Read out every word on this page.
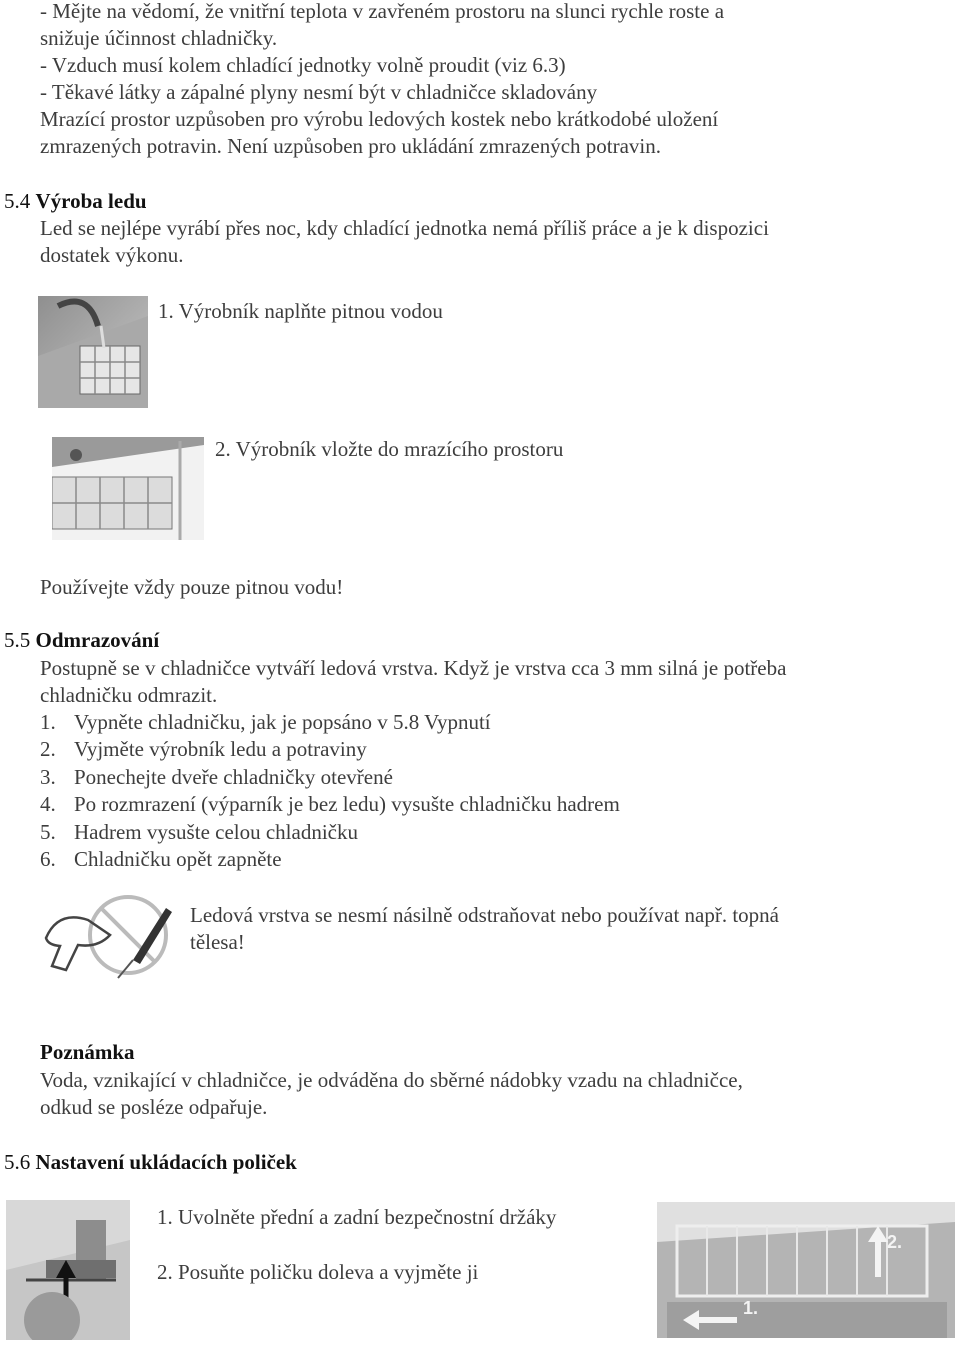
- Mějte na vědomí, že vnitřní teplota v zavřeném prostoru na slunci rychle roste a
snižuje účinnost chladničky.
- Vzduch musí kolem chladící jednotky volně proudit (viz 6.3)
- Těkavé látky a zápalné plyny nesmí být v chladničce skladovány
Mrazící prostor uzpůsoben pro výrobu ledových kostek nebo krátkodobé uložení
zmrazených potravin. Není uzpůsoben pro ukládání zmrazených potravin.
5.4 Výroba ledu
Led se nejlépe vyrábí přes noc, kdy chladící jednotka nemá příliš práce a je k dispozici
dostatek výkonu.
1. Výrobník naplňte pitnou vodou
2. Výrobník vložte do mrazícího prostoru
Používejte vždy pouze pitnou vodu!
5.5 Odmrazování
Postupně se v chladničce vytváří ledová vrstva. Když je vrstva cca 3 mm silná je potřeba
chladničku odmrazit.
1. Vypněte chladničku, jak je popsáno v 5.8 Vypnutí
2. Vyjměte výrobník ledu a potraviny
3. Ponechejte dveře chladničky otevřené
4. Po rozmrazení (výparník je bez ledu) vysušte chladničku hadrem
5. Hadrem vysušte celou chladničku
6. Chladničku opět zapněte
Ledová vrstva se nesmí násilně odstraňovat nebo používat např. topná
tělesa!
Poznámka
Voda, vznikající v chladničce, je odváděna do sběrné nádobky vzadu na chladničce,
odkud se posléze odpařuje.
5.6 Nastavení ukládacích poliček
1. Uvolněte přední a zadní bezpečnostní držáky
2. Posuňte poličku doleva a vyjměte ji
2.
1.
